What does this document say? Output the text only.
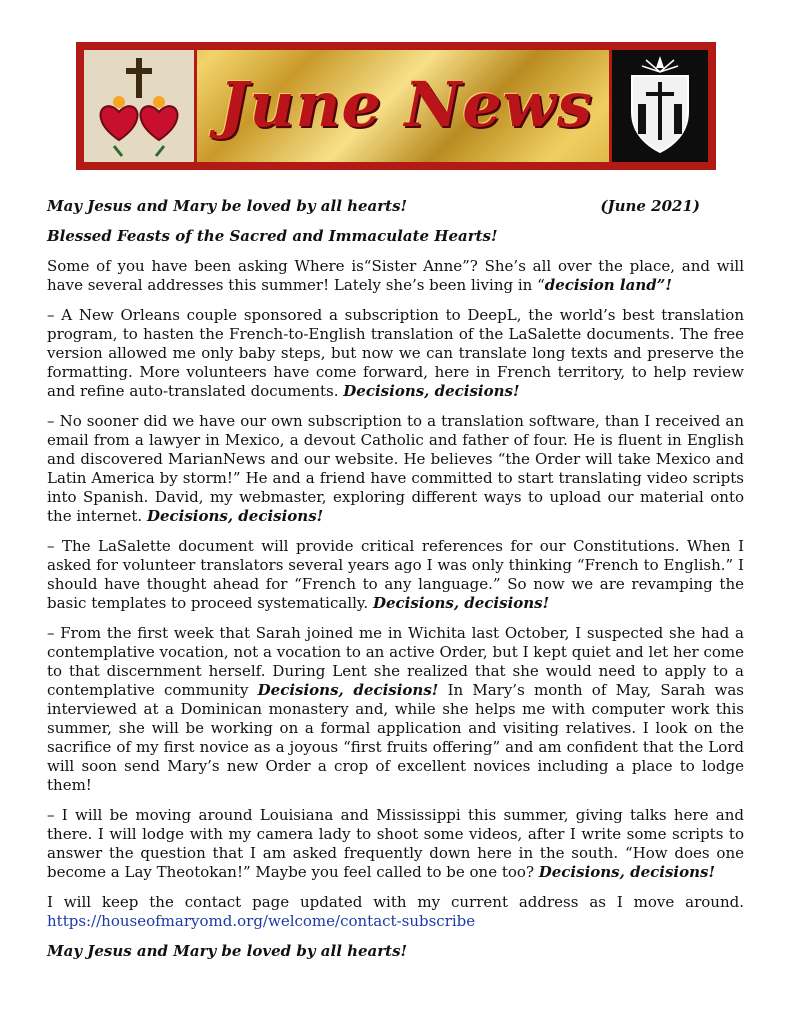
June News

May Jesus and Mary be loved by all hearts!	(June 2021)

Blessed Feasts of the Sacred and Immaculate Hearts!

Some of you have been asking Where is“Sister Anne”? She’s all over the place, and will have several addresses this summer! Lately she’s been living in “decision land”!

– A New Orleans couple sponsored a subscription to DeepL, the world’s best translation program, to hasten the French-to-English translation of the LaSalette documents. The free version allowed me only baby steps, but now we can translate long texts and preserve the formatting. More volunteers have come forward, here in French territory, to help review and refine auto-translated documents. Decisions, decisions!

– No sooner did we have our own subscription to a translation software, than I received an email from a lawyer in Mexico, a devout Catholic and father of four. He is fluent in English and discovered MarianNews and our website. He believes “the Order will take Mexico and Latin America by storm!” He and a friend have committed to start translating video scripts into Spanish. David, my webmaster, exploring different ways to upload our material onto the internet. Decisions, decisions!

– The LaSalette document will provide critical references for our Constitutions. When I asked for volunteer translators several years ago I was only thinking “French to English.” I should have thought ahead for “French to any language.” So now we are revamping the basic templates to proceed systematically. Decisions, decisions!

– From the first week that Sarah joined me in Wichita last October, I suspected she had a contemplative vocation, not a vocation to an active Order, but I kept quiet and let her come to that discernment herself. During Lent she realized that she would need to apply to a contemplative community Decisions, decisions! In Mary’s month of May, Sarah was interviewed at a Dominican monastery and, while she helps me with computer work this summer, she will be working on a formal application and visiting relatives. I look on the sacrifice of my first novice as a joyous “first fruits offering” and am confident that the Lord will soon send Mary’s new Order a crop of excellent novices including a place to lodge them!

– I will be moving around Louisiana and Mississippi this summer, giving talks here and there. I will lodge with my camera lady to shoot some videos, after I write some scripts to answer the question that I am asked frequently down here in the south. “How does one become a Lay Theotokan!” Maybe you feel called to be one too? Decisions, decisions!

I will keep the contact page updated with my current address as I move around. https://houseofmaryomd.org/welcome/contact-subscribe

May Jesus and Mary be loved by all hearts!
